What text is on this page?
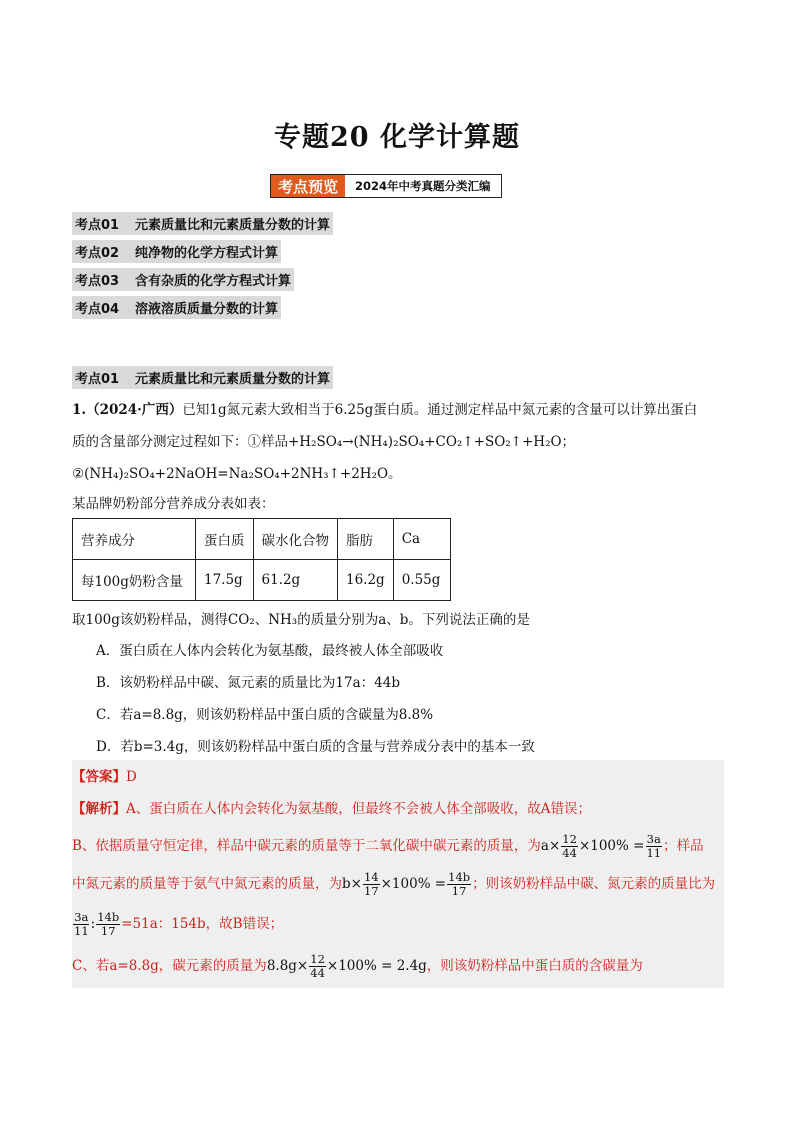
专题20 化学计算题
考点预览	2024年中考真题分类汇编
考点01 元素质量比和元素质量分数的计算
考点02 纯净物的化学方程式计算
考点03 含有杂质的化学方程式计算
考点04 溶液溶质质量分数的计算
考点01 元素质量比和元素质量分数的计算
1.（2024·广西）已知1g氮元素大致相当于6.25g蛋白质。通过测定样品中氮元素的含量可以计算出蛋白
质的含量部分测定过程如下：①样品+H₂SO₄→(NH₄)₂SO₄+CO₂↑+SO₂↑+H₂O；
②(NH₄)₂SO₄+2NaOH=Na₂SO₄+2NH₃↑+2H₂O。
某品牌奶粉部分营养成分表如表：
营养成分	蛋白质	碳水化合物	脂肪	Ca
每100g奶粉含量	17.5g	61.2g	16.2g	0.55g
取100g该奶粉样品，测得CO₂、NH₃的质量分别为a、b。下列说法正确的是
A．蛋白质在人体内会转化为氨基酸，最终被人体全部吸收
B．该奶粉样品中碳、氮元素的质量比为17a：44b
C．若a=8.8g，则该奶粉样品中蛋白质的含碳量为8.8%
D．若b=3.4g，则该奶粉样品中蛋白质的含量与营养成分表中的基本一致
【答案】D
【解析】A、蛋白质在人体内会转化为氨基酸，但最终不会被人体全部吸收，故A错误；
B、依据质量守恒定律，样品中碳元素的质量等于二氧化碳中碳元素的质量，为$a\times \frac{12}{44} \times 100\% = \frac{3a}{11}$ ；样品
中氮元素的质量等于氨气中氮元素的质量，为$b\times \frac{14}{17} \times 100\% = \frac{14b}{17}$ ；则该奶粉样品中碳、氮元素的质量比为
$\frac{3a}{11}$ : $\frac{14b}{17} =51a$：154b，故B错误；
C、若a=8.8g，碳元素的质量为$8.8g\times \frac{12}{44} \times 100\% = 2.4g$，则该奶粉样品中蛋白质的含碳量为
